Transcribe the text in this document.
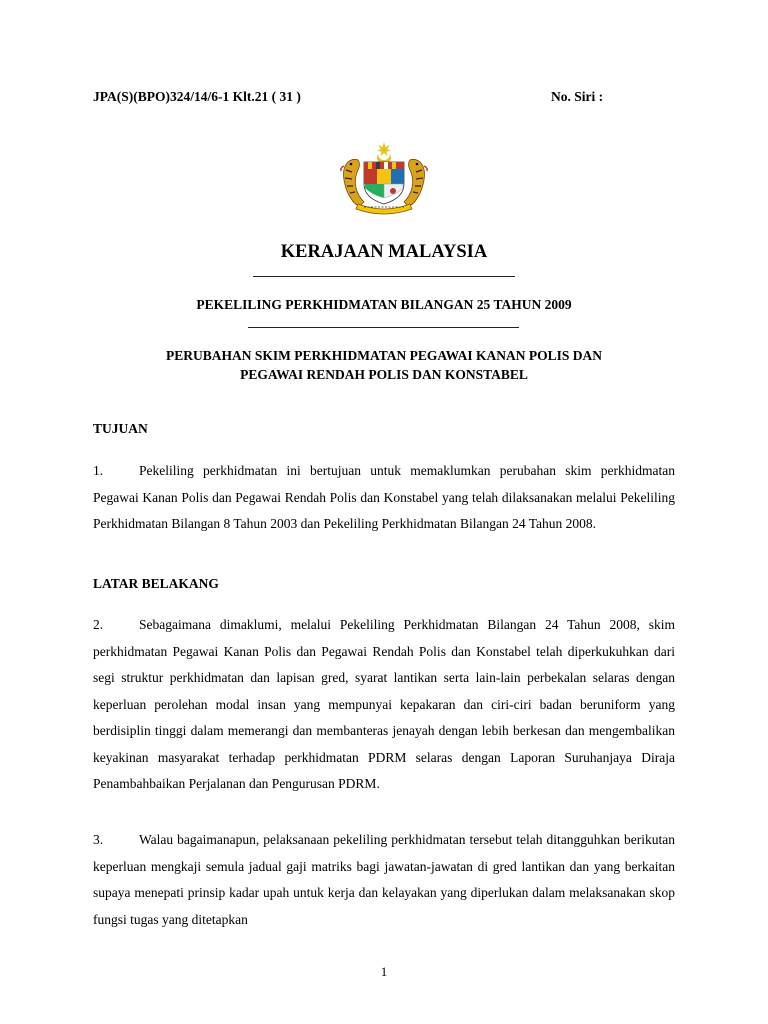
JPA(S)(BPO)324/14/6-1 Klt.21 ( 31 )	No. Siri :
KERAJAAN MALAYSIA
PEKELILING PERKHIDMATAN BILANGAN 25 TAHUN 2009
PERUBAHAN SKIM PERKHIDMATAN PEGAWAI KANAN POLIS DAN
PEGAWAI RENDAH POLIS DAN KONSTABEL
TUJUAN
1.	Pekeliling perkhidmatan ini bertujuan untuk memaklumkan perubahan skim perkhidmatan Pegawai Kanan Polis dan Pegawai Rendah Polis dan Konstabel yang telah dilaksanakan melalui Pekeliling Perkhidmatan Bilangan 8 Tahun 2003 dan Pekeliling Perkhidmatan Bilangan 24 Tahun 2008.
LATAR BELAKANG
2.	Sebagaimana dimaklumi, melalui Pekeliling Perkhidmatan Bilangan 24 Tahun 2008, skim perkhidmatan Pegawai Kanan Polis dan Pegawai Rendah Polis dan Konstabel telah diperkukuhkan dari segi struktur perkhidmatan dan lapisan gred, syarat lantikan serta lain-lain perbekalan selaras dengan keperluan perolehan modal insan yang mempunyai kepakaran dan ciri-ciri badan beruniform yang berdisiplin tinggi dalam memerangi dan membanteras jenayah dengan lebih berkesan dan mengembalikan keyakinan masyarakat terhadap perkhidmatan PDRM selaras dengan Laporan Suruhanjaya Diraja Penambahbaikan Perjalanan dan Pengurusan PDRM.
3.	Walau bagaimanapun, pelaksanaan pekeliling perkhidmatan tersebut telah ditangguhkan berikutan keperluan mengkaji semula jadual gaji matriks bagi jawatan-jawatan di gred lantikan dan yang berkaitan supaya menepati prinsip kadar upah untuk kerja dan kelayakan yang diperlukan dalam melaksanakan skop fungsi tugas yang ditetapkan
1
